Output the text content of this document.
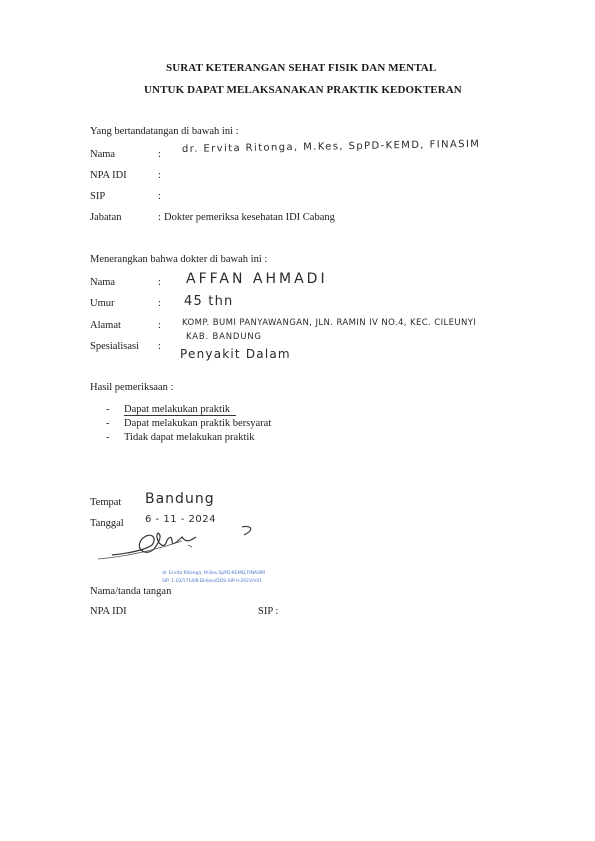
SURAT KETERANGAN SEHAT FISIK DAN MENTAL
UNTUK DAPAT MELAKSANAKAN PRAKTIK KEDOKTERAN
Yang bertandatangan di bawah ini :
Nama	: dr. Ervita Ritonga, M.Kes, SpPD-KEMD, FINASIM
NPA IDI	:
SIP	:
Jabatan	: Dokter pemeriksa kesehatan IDI Cabang
Menerangkan bahwa dokter di bawah ini :
Nama	: AFFAN AHMADI
Umur	: 45 thn
Alamat	: KOMP. BUMI PANYAWANGAN, JLN. RAMIN IV NO.4, KEC. CILEUNYI
KAB. BANDUNG
Spesialisasi :
Penyakit Dalam
Hasil pemeriksaan :
- Dapat melakukan praktik
- Dapat melakukan praktik bersyarat
- Tidak dapat melakukan praktik
Tempat Bandung
Tanggal 6 - 11 - 2024
dr. Ervita Ritonga, M.Kes,SpPD-KEMD,FINASIM
SIP. 1.10/1714/K-Dinkes/DDS-SIP-II-2023/VI/1
Nama/tanda tangan
NPA IDI	SIP :
